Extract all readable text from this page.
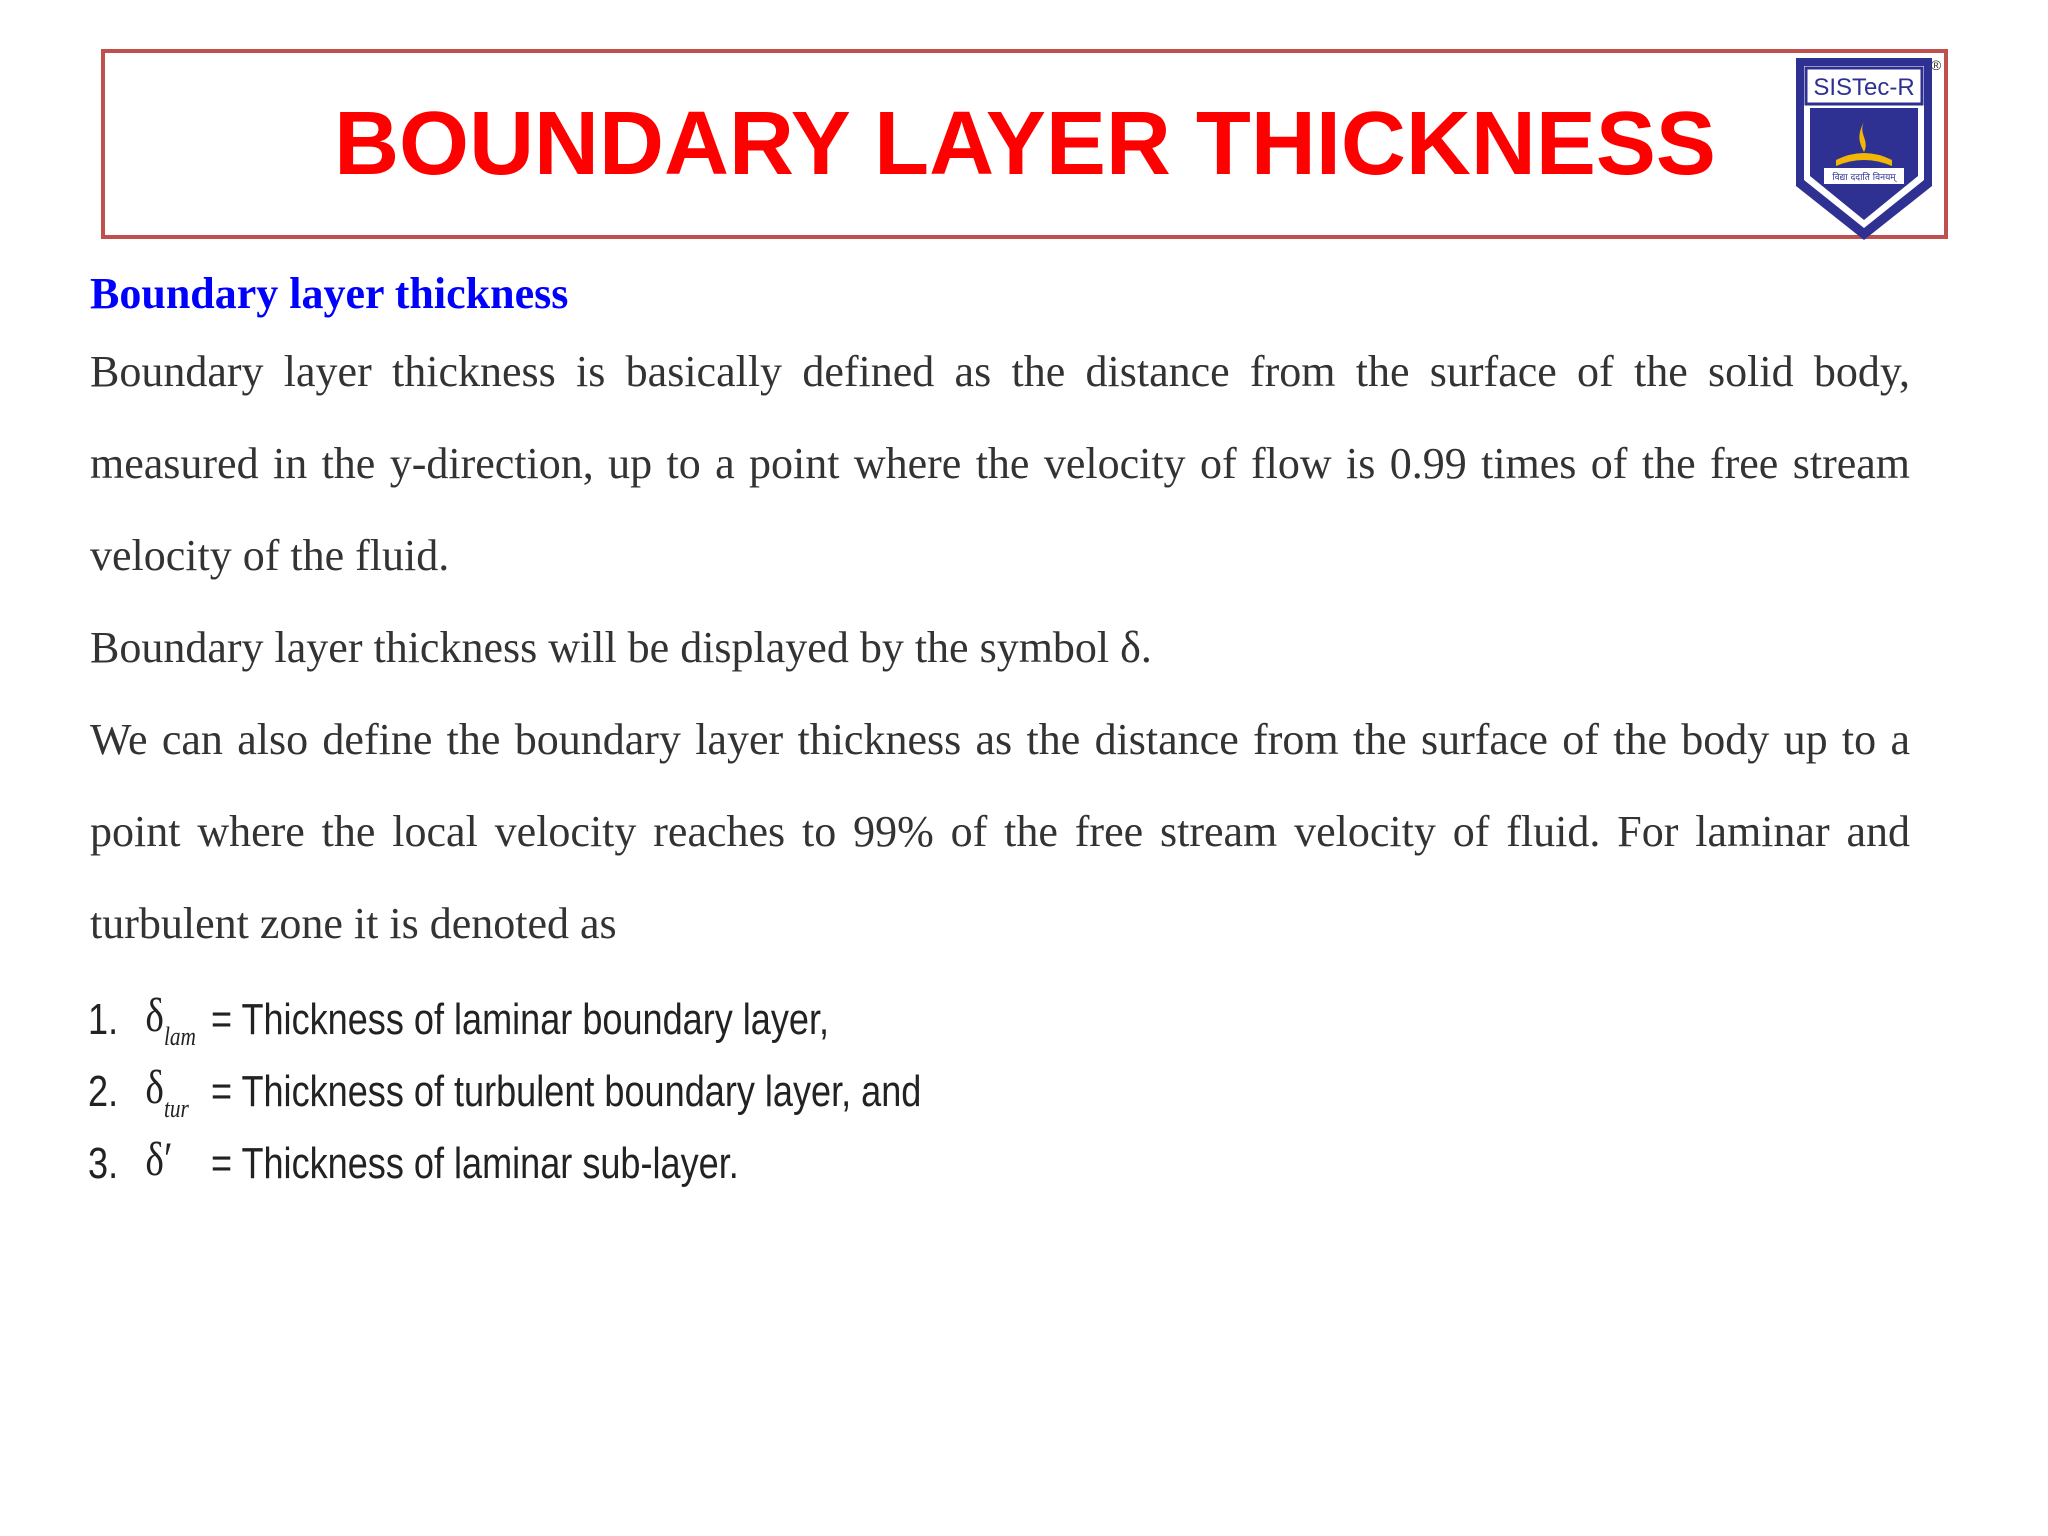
BOUNDARY LAYER THICKNESS
SISTec-R
विद्या ददाति विनयम्
®

Boundary layer thickness

Boundary layer thickness is basically defined as the distance from the surface of the solid body, measured in the y-direction, up to a point where the velocity of flow is 0.99 times of the free stream velocity of the fluid.

Boundary layer thickness will be displayed by the symbol δ.

We can also define the boundary layer thickness as the distance from the surface of the body up to a point where the local velocity reaches to 99% of the free stream velocity of fluid. For laminar and turbulent zone it is denoted as

1. $\delta_{lam}$ = Thickness of laminar boundary layer,
2. $\delta_{tur}$ = Thickness of turbulent boundary layer, and
3. δ′ = Thickness of laminar sub-layer.
